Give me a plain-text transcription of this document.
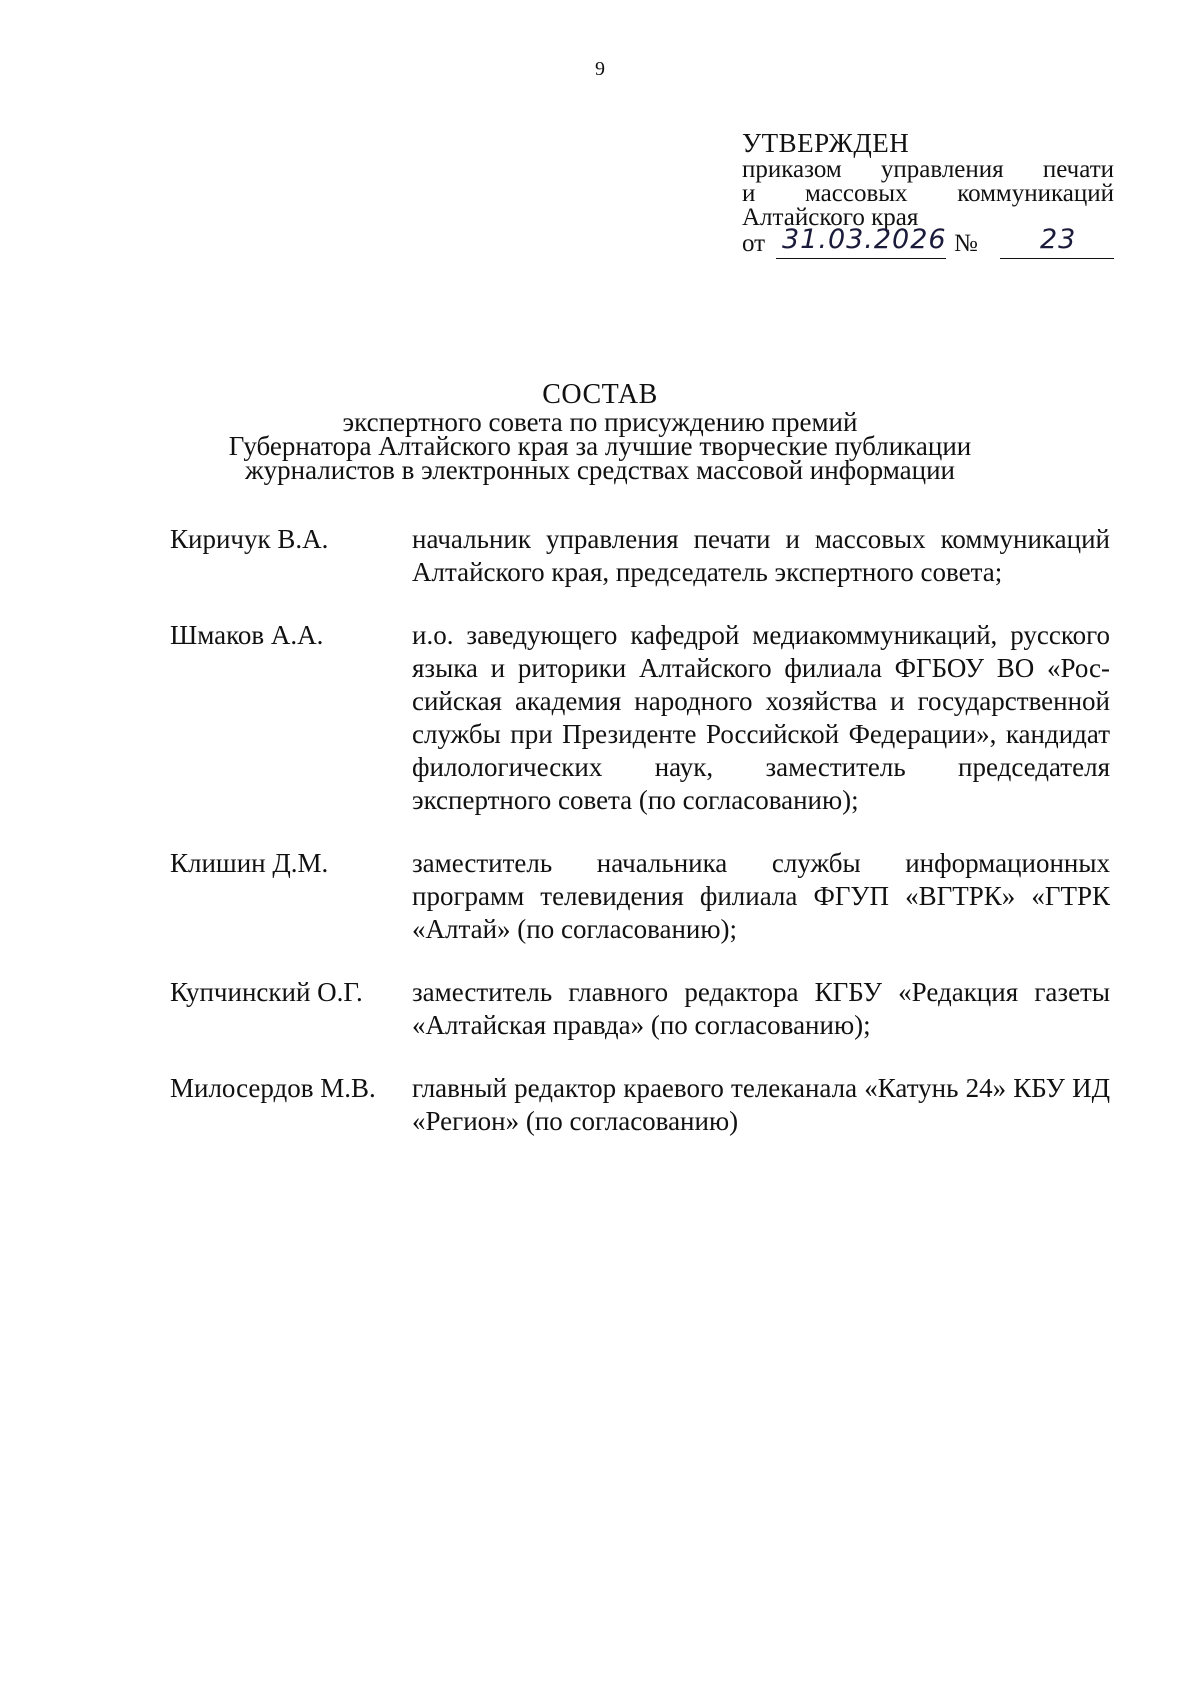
9
УТВЕРЖДЕН
приказом управления печати
и массовых коммуникаций
Алтайского края
от 31.03.2026 № 23
СОСТАВ
экспертного совета по присуждению премий
Губернатора Алтайского края за лучшие творческие публикации
журналистов в электронных средствах массовой информации
Киричук В.А.	начальник управления печати и массовых коммуникаций Алтайского края, председатель экспертного совета;
Шмаков А.А.	и.о. заведующего кафедрой медиакоммуникаций, русского языка и риторики Алтайского филиала ФГБОУ ВО «Российская академия народного хозяйства и государственной службы при Президенте Российской Федерации», кандидат филологических наук, заместитель председателя экспертного совета (по согласованию);
Клишин Д.М.	заместитель начальника службы информационных программ телевидения филиала ФГУП «ВГТРК» «ГТРК «Алтай» (по согласованию);
Купчинский О.Г.	заместитель главного редактора КГБУ «Редакция газеты «Алтайская правда» (по согласованию);
Милосердов М.В.	главный редактор краевого телеканала «Катунь 24» КБУ ИД «Регион» (по согласованию)
